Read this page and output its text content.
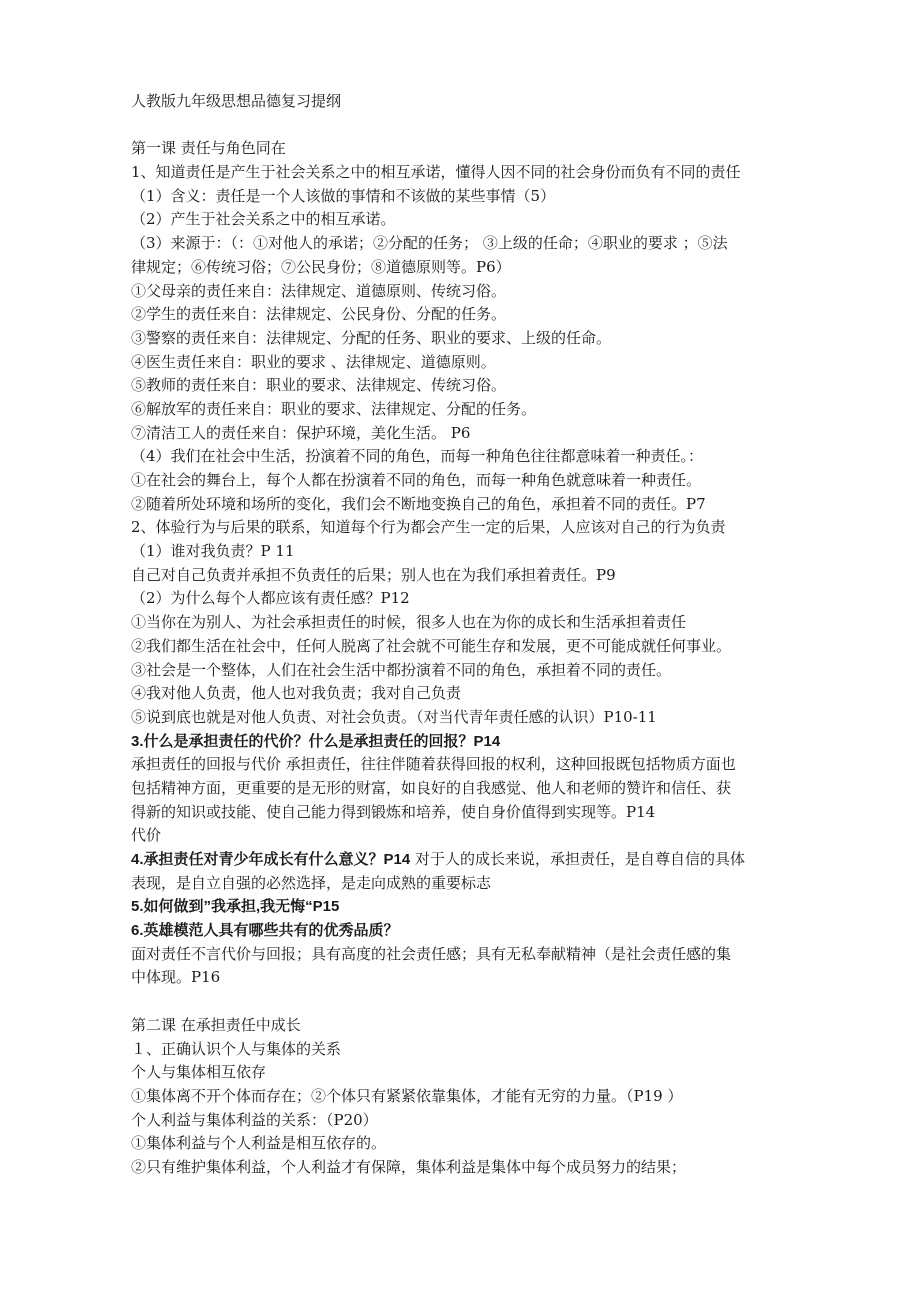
人教版九年级思想品德复习提纲
第一课 责任与角色同在
1、知道责任是产生于社会关系之中的相互承诺，懂得人因不同的社会身份而负有不同的责任
（1）含义：责任是一个人该做的事情和不该做的某些事情（5）
（2）产生于社会关系之中的相互承诺。
（3）来源于：（：①对他人的承诺；②分配的任务； ③上级的任命；④职业的要求 ；⑤法
律规定；⑥传统习俗；⑦公民身份；⑧道德原则等。P6）
①父母亲的责任来自：法律规定、道德原则、传统习俗。
②学生的责任来自：法律规定、公民身份、分配的任务。
③警察的责任来自：法律规定、分配的任务、职业的要求、上级的任命。
④医生责任来自：职业的要求 、法律规定、道德原则。
⑤教师的责任来自：职业的要求、法律规定、传统习俗。
⑥解放军的责任来自：职业的要求、法律规定、分配的任务。
⑦清洁工人的责任来自：保护环境，美化生活。 P6
（4）我们在社会中生活，扮演着不同的角色，而每一种角色往往都意味着一种责任。：
①在社会的舞台上，每个人都在扮演着不同的角色，而每一种角色就意味着一种责任。
②随着所处环境和场所的变化，我们会不断地变换自己的角色，承担着不同的责任。P7
2、体验行为与后果的联系，知道每个行为都会产生一定的后果，人应该对自己的行为负责
（1）谁对我负责？P 11
自己对自己负责并承担不负责任的后果；别人也在为我们承担着责任。P9
（2）为什么每个人都应该有责任感？P12
①当你在为别人、为社会承担责任的时候，很多人也在为你的成长和生活承担着责任
②我们都生活在社会中，任何人脱离了社会就不可能生存和发展，更不可能成就任何事业。
③社会是一个整体，人们在社会生活中都扮演着不同的角色，承担着不同的责任。
④我对他人负责，他人也对我负责；我对自己负责
⑤说到底也就是对他人负责、对社会负责。（对当代青年责任感的认识）P10-11
3.什么是承担责任的代价？什么是承担责任的回报？P14
承担责任的回报与代价 承担责任，往往伴随着获得回报的权利，这种回报既包括物质方面也
包括精神方面，更重要的是无形的财富，如良好的自我感觉、他人和老师的赞许和信任、获
得新的知识或技能、使自己能力得到锻炼和培养，使自身价值得到实现等。P14
代价
4.承担责任对青少年成长有什么意义？P14 对于人的成长来说，承担责任，是自尊自信的具体
表现，是自立自强的必然选择，是走向成熟的重要标志
5.如何做到”我承担,我无悔“P15
6.英雄模范人具有哪些共有的优秀品质？
面对责任不言代价与回报；具有高度的社会责任感；具有无私奉献精神（是社会责任感的集
中体现。P16
第二课 在承担责任中成长
１、正确认识个人与集体的关系
个人与集体相互依存
①集体离不开个体而存在；②个体只有紧紧依靠集体，才能有无穷的力量。（P19 ）
个人利益与集体利益的关系：（P20）
①集体利益与个人利益是相互依存的。
②只有维护集体利益，个人利益才有保障，集体利益是集体中每个成员努力的结果；
